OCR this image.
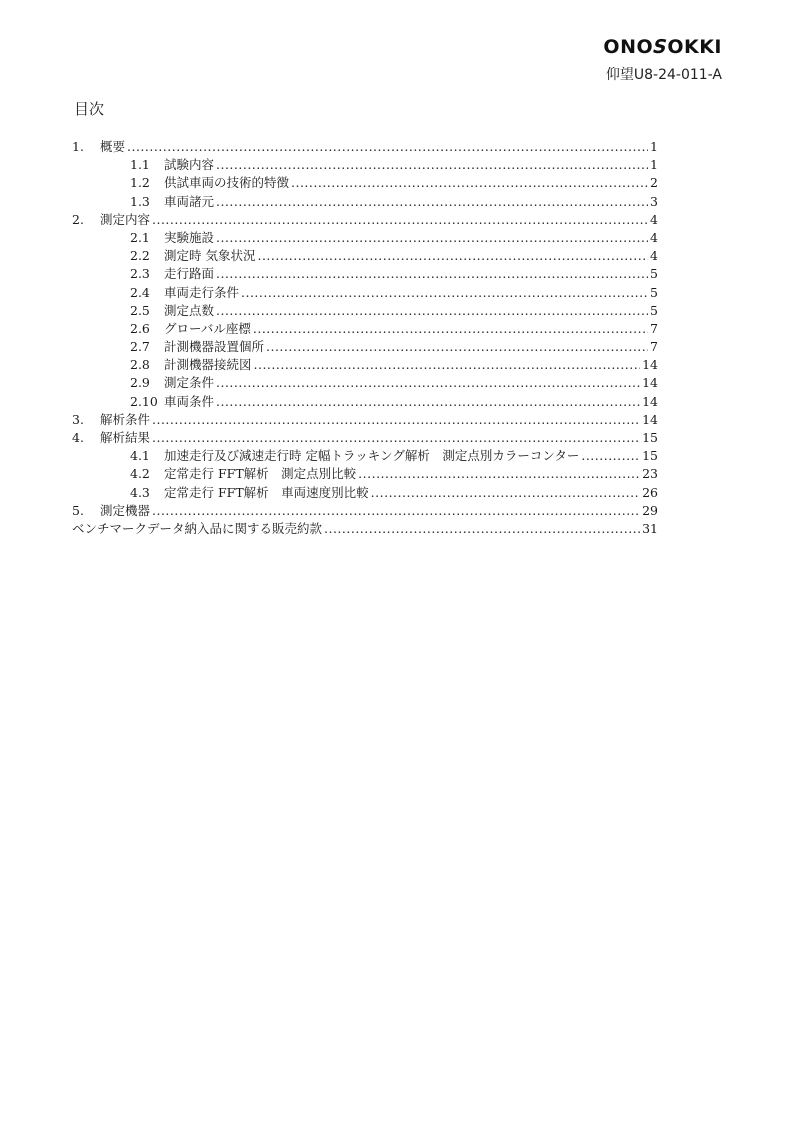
ONOSOKKI
仰望U8-24-011-A
目次
1.	概要 .....	1
1.1	試験内容 .....	1
1.2	供試車両の技術的特徴 .....	2
1.3	車両諸元 .....	3
2.	測定内容 .....	4
2.1	実験施設 .....	4
2.2	測定時 気象状況 .....	4
2.3	走行路面 .....	5
2.4	車両走行条件 .....	5
2.5	測定点数 .....	5
2.6	グローバル座標 .....	7
2.7	計測機器設置個所 .....	7
2.8	計測機器接続図 .....	14
2.9	測定条件 .....	14
2.10 車両条件 .....	14
3.	解析条件 .....	14
4.	解析結果 .....	15
4.1	加速走行及び減速走行時 定幅トラッキング解析　測定点別カラーコンター .....	15
4.2	定常走行 FFT解析　測定点別比較 .....	23
4.3	定常走行 FFT解析　車両速度別比較 .....	26
5.	測定機器 .....	29
ベンチマークデータ納入品に関する販売約款 .....	31
